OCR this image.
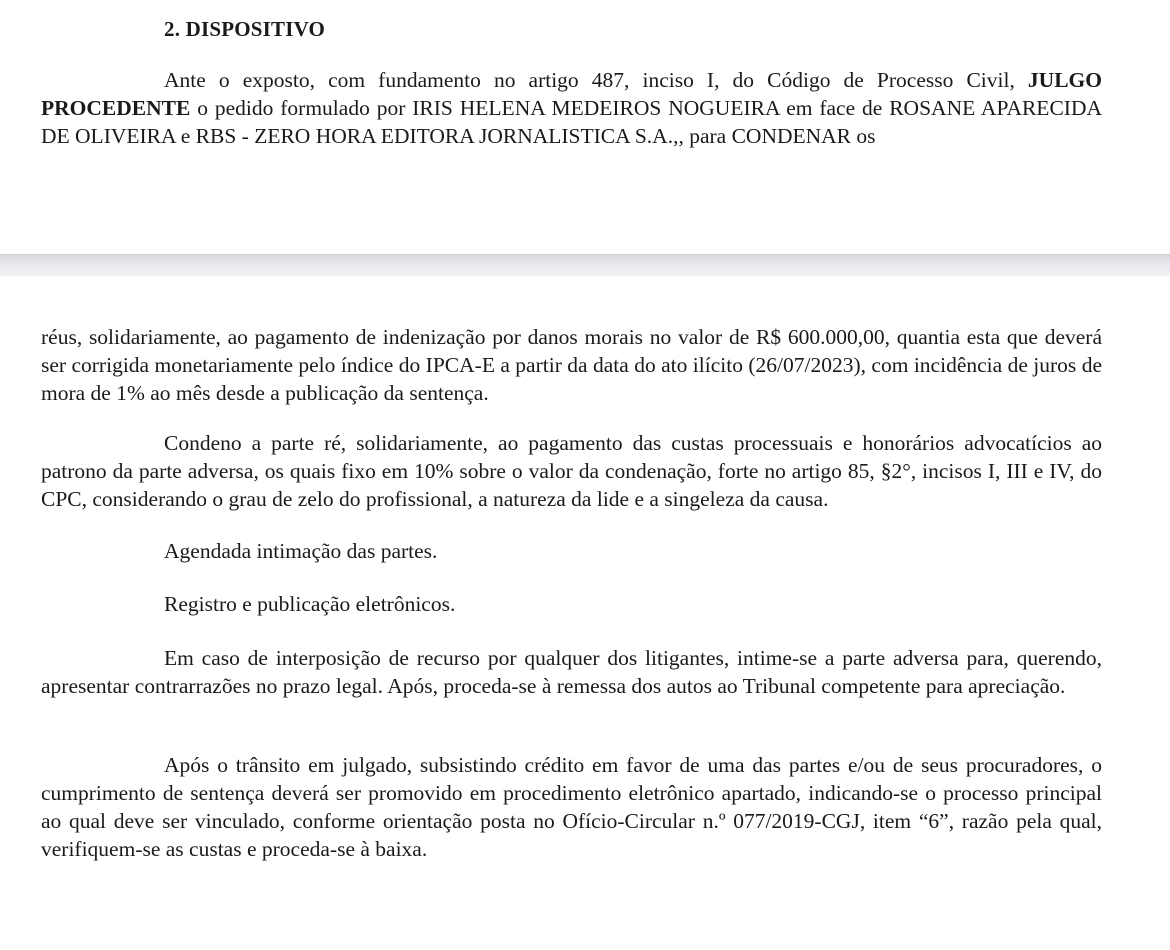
2. DISPOSITIVO

Ante o exposto, com fundamento no artigo 487, inciso I, do Código de Processo Civil, JULGO PROCEDENTE o pedido formulado por IRIS HELENA MEDEIROS NOGUEIRA em face de ROSANE APARECIDA DE OLIVEIRA e RBS - ZERO HORA EDITORA JORNALISTICA S.A.,, para CONDENAR os

réus, solidariamente, ao pagamento de indenização por danos morais no valor de R$ 600.000,00, quantia esta que deverá ser corrigida monetariamente pelo índice do IPCA-E a partir da data do ato ilícito (26/07/2023), com incidência de juros de mora de 1% ao mês desde a publicação da sentença.

Condeno a parte ré, solidariamente, ao pagamento das custas processuais e honorários advocatícios ao patrono da parte adversa, os quais fixo em 10% sobre o valor da condenação, forte no artigo 85, §2°, incisos I, III e IV, do CPC, considerando o grau de zelo do profissional, a natureza da lide e a singeleza da causa.

Agendada intimação das partes.

Registro e publicação eletrônicos.

Em caso de interposição de recurso por qualquer dos litigantes, intime-se a parte adversa para, querendo, apresentar contrarrazões no prazo legal. Após, proceda-se à remessa dos autos ao Tribunal competente para apreciação.

Após o trânsito em julgado, subsistindo crédito em favor de uma das partes e/ou de seus procuradores, o cumprimento de sentença deverá ser promovido em procedimento eletrônico apartado, indicando-se o processo principal ao qual deve ser vinculado, conforme orientação posta no Ofício-Circular n.º 077/2019-CGJ, item “6”, razão pela qual, verifiquem-se as custas e proceda-se à baixa.
